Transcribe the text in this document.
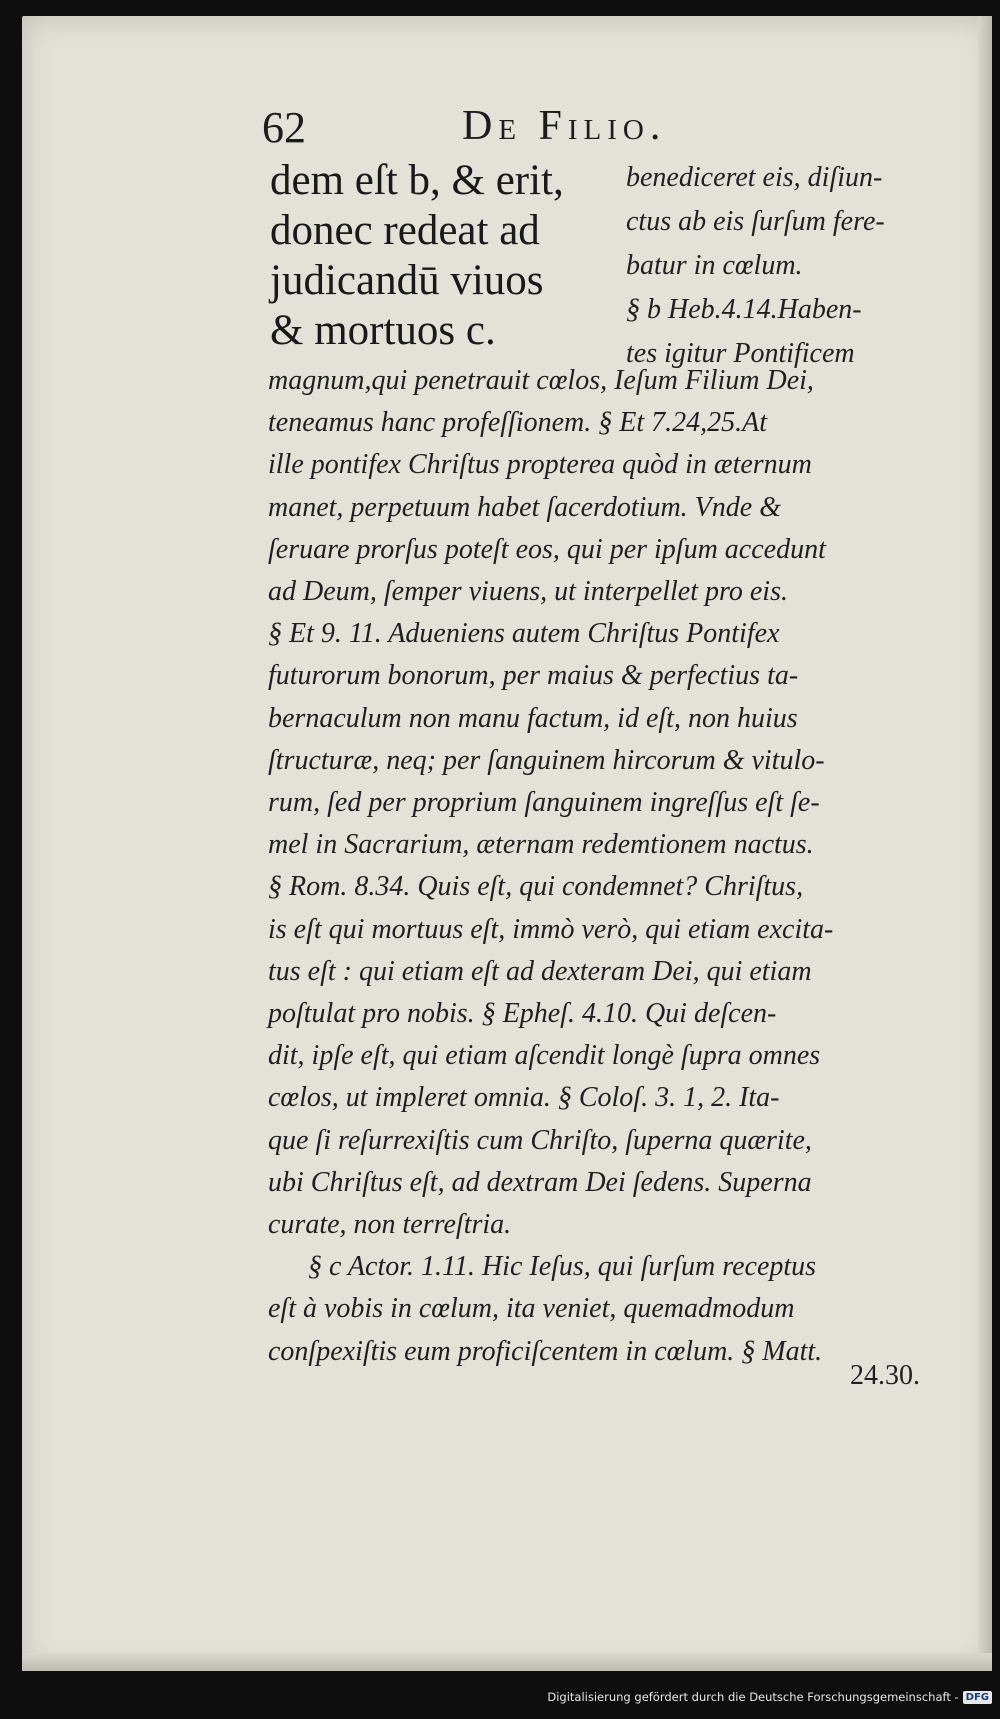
62	De Filio.
dem eſt b, & erit,
donec redeat ad
judicandū viuos
& mortuos c.
benediceret eis, diſiun-
ctus ab eis ſurſum fere-
batur in cœlum.
§ b Heb.4.14.Haben-
tes igitur Pontificem
magnum,qui penetrauit cœlos, Ieſum Filium Dei,
teneamus hanc profeſſionem. § Et 7.24,25.At
ille pontifex Chriſtus propterea quòd in æternum
manet, perpetuum habet ſacerdotium. Vnde &
ſeruare prorſus poteſt eos, qui per ipſum accedunt
ad Deum, ſemper viuens, ut interpellet pro eis.
§ Et 9. 11. Adueniens autem Chriſtus Pontifex
futurorum bonorum, per maius & perfectius ta-
bernaculum non manu factum, id eſt, non huius
ſtructuræ, neq; per ſanguinem hircorum & vitulo-
rum, ſed per proprium ſanguinem ingreſſus eſt ſe-
mel in Sacrarium, æternam redemtionem nactus.
§ Rom. 8.34. Quis eſt, qui condemnet? Chriſtus,
is eſt qui mortuus eſt, immò verò, qui etiam excita-
tus eſt : qui etiam eſt ad dexteram Dei, qui etiam
poſtulat pro nobis. § Epheſ. 4.10. Qui deſcen-
dit, ipſe eſt, qui etiam aſcendit longè ſupra omnes
cœlos, ut impleret omnia. § Coloſ. 3. 1, 2. Ita-
que ſi reſurrexiſtis cum Chriſto, ſuperna quærite,
ubi Chriſtus eſt, ad dextram Dei ſedens. Superna
curate, non terreſtria.
§ c Actor. 1.11. Hic Ieſus, qui ſurſum receptus
eſt à vobis in cœlum, ita veniet, quemadmodum
conſpexiſtis eum proficiſcentem in cœlum. § Matt.
24.30.
Digitalisierung gefördert durch die Deutsche Forschungsgemeinschaft - DFG
